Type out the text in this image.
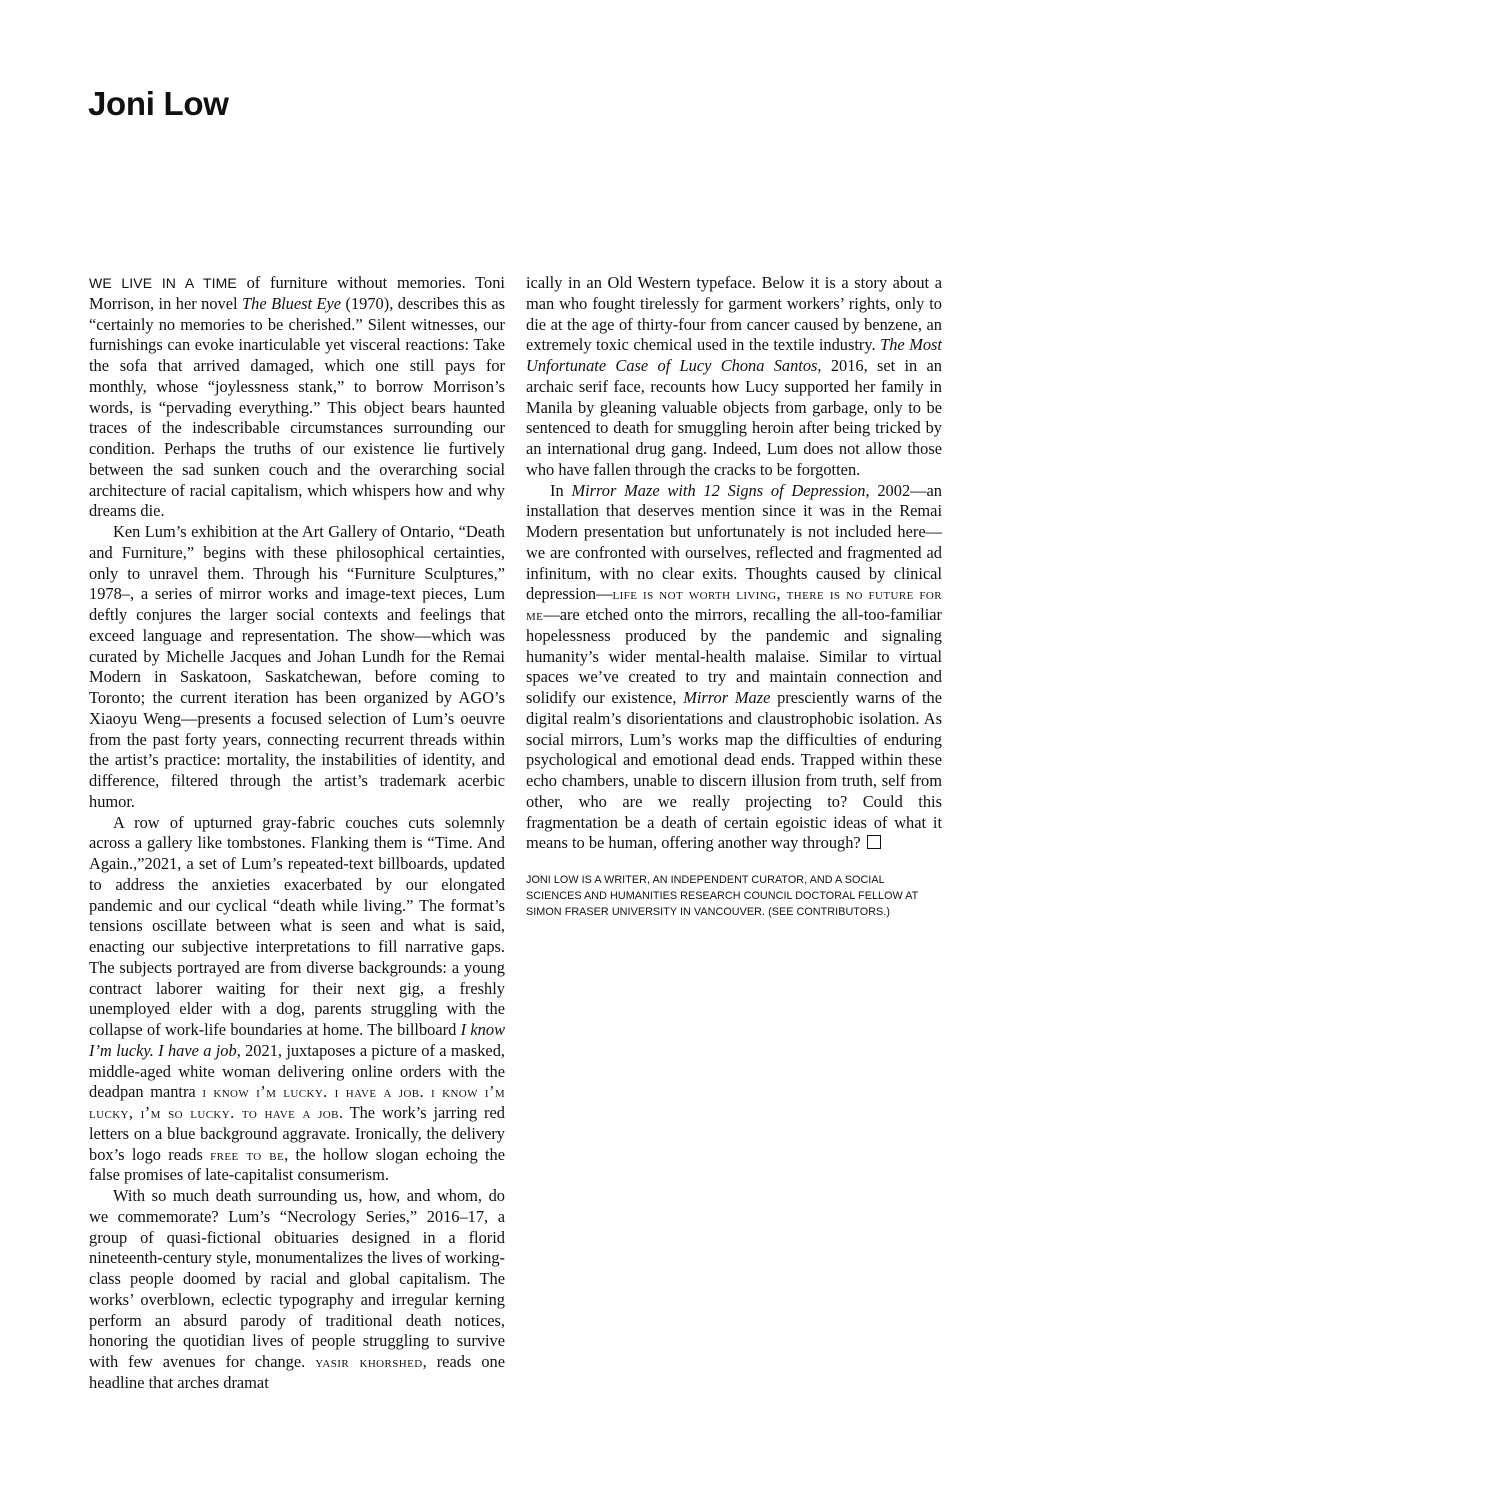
Joni Low

WE LIVE IN A TIME of furniture without memories. Toni Morrison, in her novel The Bluest Eye (1970), describes this as “certainly no memories to be cherished.” Silent witnesses, our furnishings can evoke inarticulable yet visceral reactions: Take the sofa that arrived damaged, which one still pays for monthly, whose “joylessness stank,” to borrow Morrison’s words, is “pervading everything.” This object bears haunted traces of the indescribable circumstances surrounding our condition. Perhaps the truths of our existence lie furtively between the sad sunken couch and the overarching social architecture of racial capitalism, which whispers how and why dreams die.

Ken Lum’s exhibition at the Art Gallery of Ontario, “Death and Furniture,” begins with these philosophical certainties, only to unravel them. Through his “Furniture Sculptures,” 1978–, a series of mirror works and image-text pieces, Lum deftly conjures the larger social contexts and feelings that exceed language and representation. The show—which was curated by Michelle Jacques and Johan Lundh for the Remai Modern in Saskatoon, Saskatchewan, before coming to Toronto; the current iteration has been organized by AGO’s Xiaoyu Weng—presents a focused selection of Lum’s oeuvre from the past forty years, connecting recurrent threads within the artist’s practice: mortality, the instabilities of identity, and difference, filtered through the artist’s trademark acerbic humor.

A row of upturned gray-fabric couches cuts solemnly across a gallery like tombstones. Flanking them is “Time. And Again.,”2021, a set of Lum’s repeated-text billboards, updated to address the anxieties exacerbated by our elongated pandemic and our cyclical “death while living.” The format’s tensions oscillate between what is seen and what is said, enacting our subjective interpretations to fill narrative gaps. The subjects portrayed are from diverse backgrounds: a young contract laborer waiting for their next gig, a freshly unemployed elder with a dog, parents struggling with the collapse of work-life boundaries at home. The billboard I know I’m lucky. I have a job, 2021, juxtaposes a picture of a masked, middle-aged white woman delivering online orders with the deadpan mantra i know i’m lucky. i have a job. i know i’m lucky, i’m so lucky. to have a job. The work’s jarring red letters on a blue background aggravate. Ironically, the delivery box’s logo reads free to be, the hollow slogan echoing the false promises of late-capitalist consumerism.

With so much death surrounding us, how, and whom, do we commemorate? Lum’s “Necrology Series,” 2016–17, a group of quasi-fictional obituaries designed in a florid nineteenth-century style, monumentalizes the lives of working-class people doomed by racial and global capitalism. The works’ overblown, eclectic typography and irregular kerning perform an absurd parody of traditional death notices, honoring the quotidian lives of people struggling to survive with few avenues for change. yasir khorshed, reads one headline that arches dramat

ically in an Old Western typeface. Below it is a story about a man who fought tirelessly for garment workers’ rights, only to die at the age of thirty-four from cancer caused by benzene, an extremely toxic chemical used in the textile industry. The Most Unfortunate Case of Lucy Chona Santos, 2016, set in an archaic serif face, recounts how Lucy supported her family in Manila by gleaning valuable objects from garbage, only to be sentenced to death for smuggling heroin after being tricked by an international drug gang. Indeed, Lum does not allow those who have fallen through the cracks to be forgotten.

In Mirror Maze with 12 Signs of Depression, 2002—an installation that deserves mention since it was in the Remai Modern presentation but unfortunately is not included here—we are confronted with ourselves, reflected and fragmented ad infinitum, with no clear exits. Thoughts caused by clinical depression—life is not worth living, there is no future for me—are etched onto the mirrors, recalling the all-too-familiar hopelessness produced by the pandemic and signaling humanity’s wider mental-health malaise. Similar to virtual spaces we’ve created to try and maintain connection and solidify our existence, Mirror Maze presciently warns of the digital realm’s disorientations and claustrophobic isolation. As social mirrors, Lum’s works map the difficulties of enduring psychological and emotional dead ends. Trapped within these echo chambers, unable to discern illusion from truth, self from other, who are we really projecting to? Could this fragmentation be a death of certain egoistic ideas of what it means to be human, offering another way through?

JONI LOW IS A WRITER, AN INDEPENDENT CURATOR, AND A SOCIAL SCIENCES AND HUMANITIES RESEARCH COUNCIL DOCTORAL FELLOW AT SIMON FRASER UNIVERSITY IN VANCOUVER. (SEE CONTRIBUTORS.)
